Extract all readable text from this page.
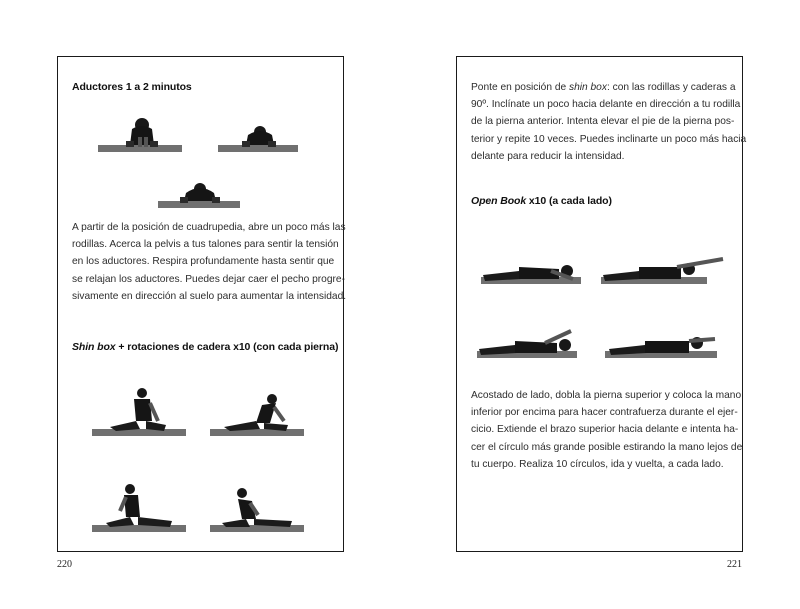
Aductores 1 a 2 minutos
A partir de la posición de cuadrupedia, abre un poco más las
rodillas. Acerca la pelvis a tus talones para sentir la tensión
en los aductores. Respira profundamente hasta sentir que
se relajan los aductores. Puedes dejar caer el pecho progre-
sivamente en dirección al suelo para aumentar la intensidad.
Shin box + rotaciones de cadera x10 (con cada pierna)
Ponte en posición de shin box: con las rodillas y caderas a
90º. Inclínate un poco hacia delante en dirección a tu rodilla
de la pierna anterior. Intenta elevar el pie de la pierna pos-
terior y repite 10 veces. Puedes inclinarte un poco más hacia
delante para reducir la intensidad.
Open Book x10 (a cada lado)
Acostado de lado, dobla la pierna superior y coloca la mano
inferior por encima para hacer contrafuerza durante el ejer-
cicio. Extiende el brazo superior hacia delante e intenta ha-
cer el círculo más grande posible estirando la mano lejos de
tu cuerpo. Realiza 10 círculos, ida y vuelta, a cada lado.
220	221
